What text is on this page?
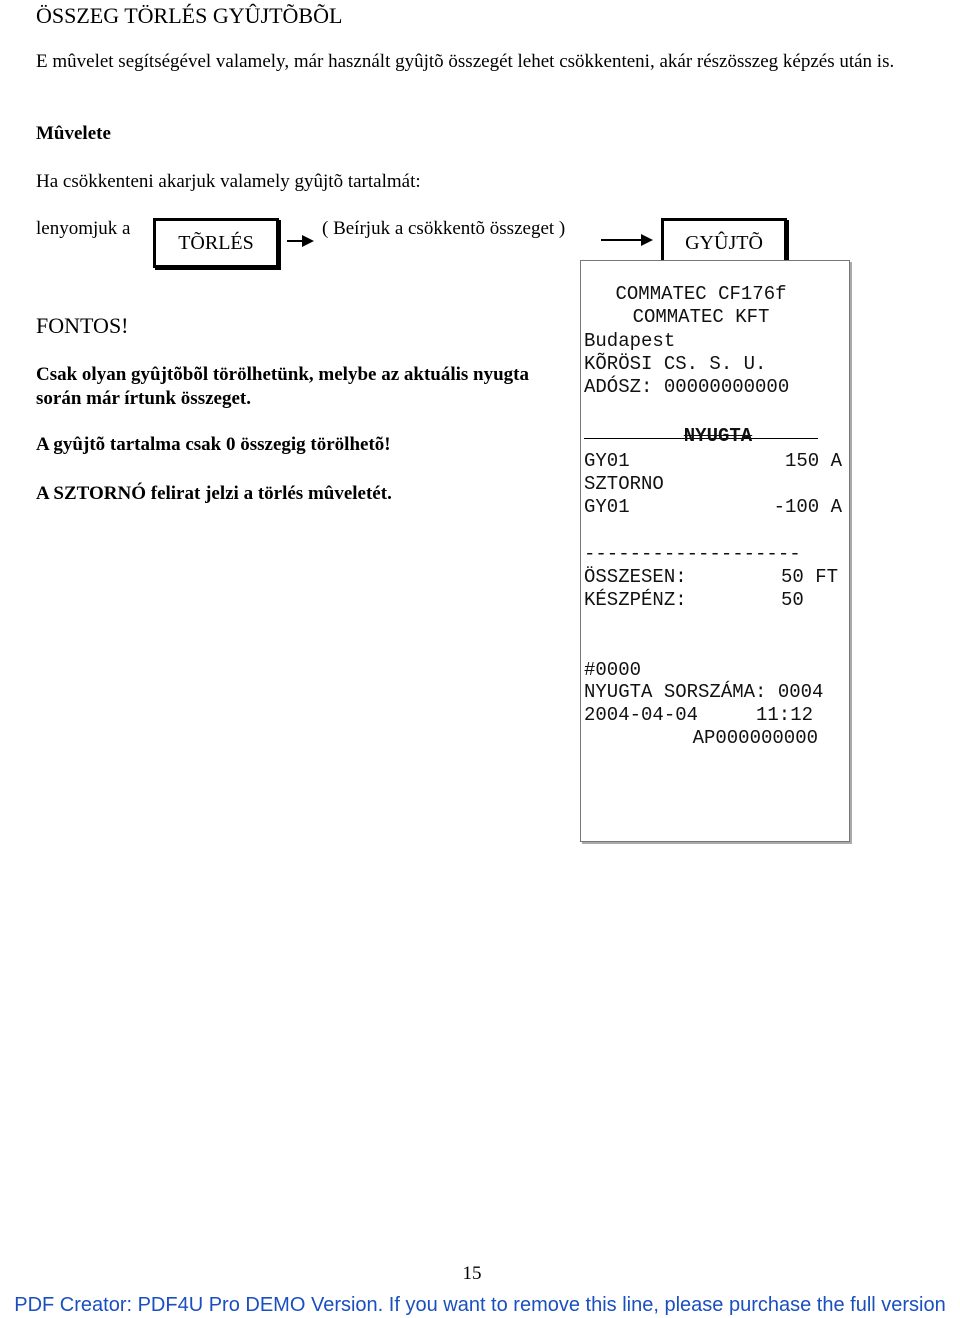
ÖSSZEG TÖRLÉS GYÛJTÕBÕL
E mûvelet segítségével valamely, már használt gyûjtõ összegét lehet csökkenteni, akár részösszeg képzés után is.
Mûvelete
Ha csökkenteni akarjuk valamely gyûjtõ tartalmát:
lenyomjuk a
TÕRLÉS
( Beírjuk a csökkentõ összeget )
GYÛJTÕ
FONTOS!
Csak olyan gyûjtõbõl törölhetünk, melybe az aktuális nyugta
során már írtunk összeget.
A gyûjtõ tartalma csak 0 összegig törölhetõ!
A SZTORNÓ felirat jelzi a törlés mûveletét.
COMMATEC CF176f
COMMATEC KFT
Budapest
KÕRÖSI CS. S. U.
ADÓSZ: 00000000000
NYUGTA
GY01	150 A
SZTORNO
GY01	-100 A
-------------------
ÖSSZESEN:	50 FT
KÉSZPÉNZ:	50
#0000
NYUGTA SORSZÁMA: 0004
2004-04-04	11:12
AP000000000
15
PDF Creator: PDF4U Pro DEMO Version. If you want to remove this line, please purchase the full version
